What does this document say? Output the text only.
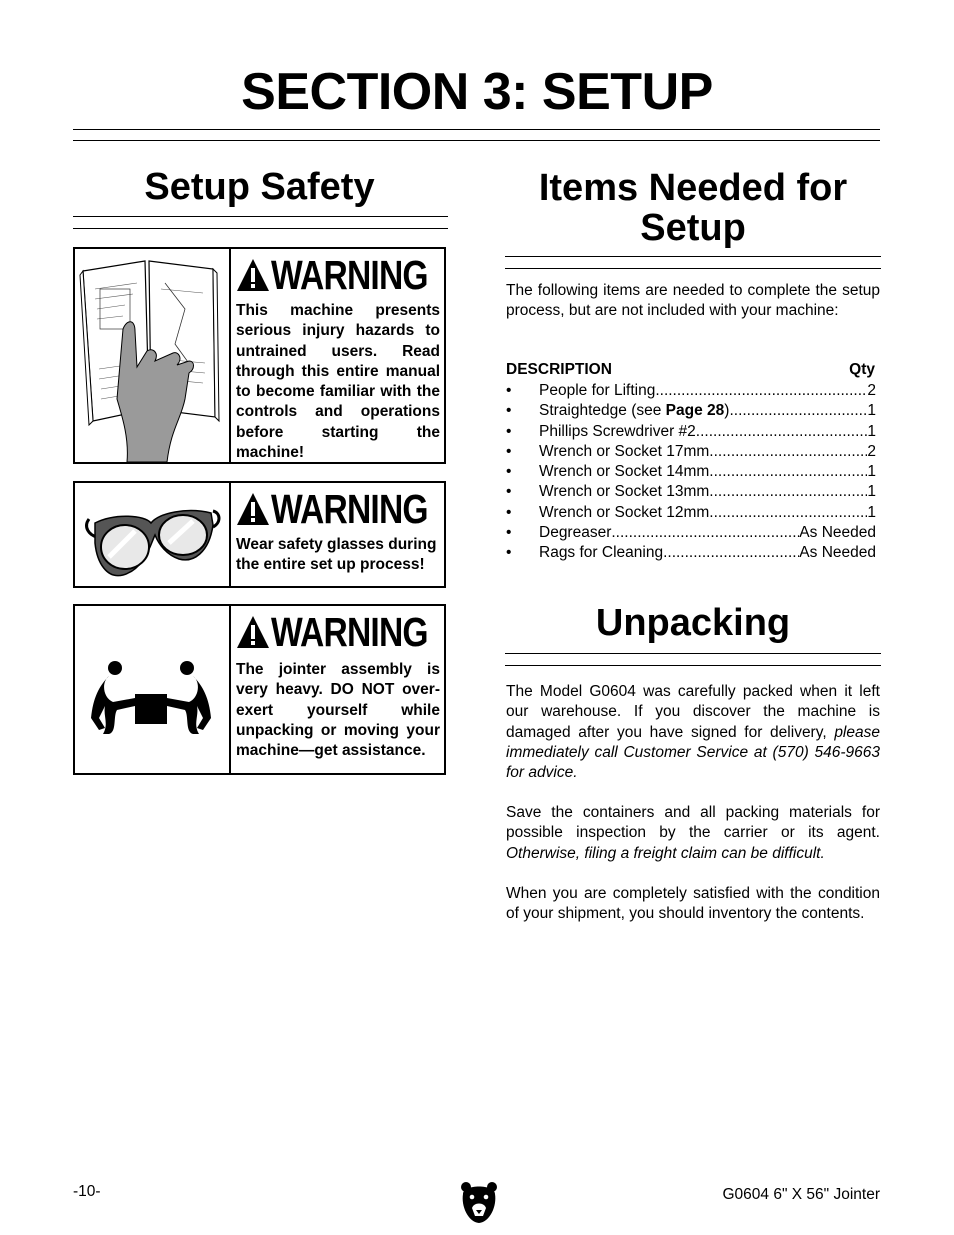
SECTION 3: SETUP
Setup Safety
WARNING

This machine presents serious injury hazards to untrained users. Read through this entire manual to become familiar with the controls and operations before starting the machine!

WARNING

Wear safety glasses during the entire set up process!

WARNING

The jointer assembly is very heavy. DO NOT over-exert yourself while unpacking or moving your machine—get assistance.

Items Needed for Setup

The following items are needed to complete the setup process, but are not included with your machine:

DESCRIPTION	Qty
•	People for Lifting .....	2
•	Straightedge (see Page 28) .....	1
•	Phillips Screwdriver #2 .....	1
•	Wrench or Socket 17mm .....	2
•	Wrench or Socket 14mm .....	1
•	Wrench or Socket 13mm .....	1
•	Wrench or Socket 12mm .....	1
•	Degreaser .....	As Needed
•	Rags for Cleaning .....	As Needed
Unpacking

The Model G0604 was carefully packed when it left our warehouse. If you discover the machine is damaged after you have signed for delivery, please immediately call Customer Service at (570) 546-9663 for advice.

Save the containers and all packing materials for possible inspection by the carrier or its agent. Otherwise, filing a freight claim can be difficult.

When you are completely satisfied with the condition of your shipment, you should inventory the contents.

-10-	G0604 6" X 56" Jointer
